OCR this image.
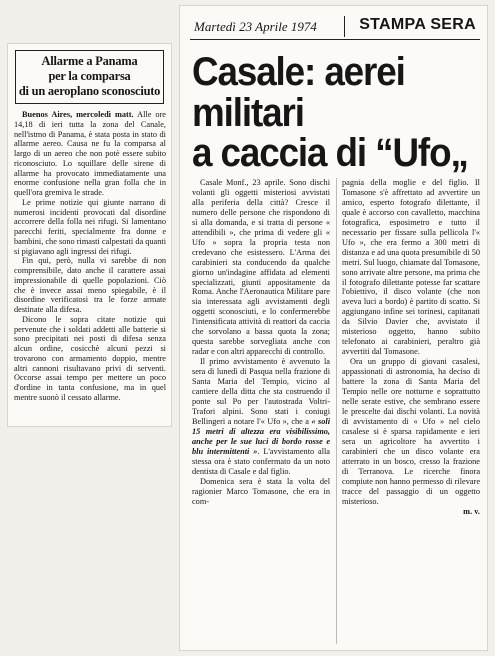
Allarme a Panama
per la comparsa
di un aeroplano sconosciuto

Buenos Aires, mercoledì matt. Alle ore 14,18 di ieri tutta la zona del Canale, nell'istmo di Panama, è stata posta in stato di allarme aereo. Causa ne fu la comparsa al largo di un aereo che non potè essere subito riconosciuto. Lo squillare delle sirene di allarme ha provocato immediatamente una enorme confusione nella gran folla che in quell'ora gremiva le strade.

Le prime notizie qui giunte narrano di numerosi incidenti provocati dal disordine accorrere della folla nei rifugi. Si lamentano parecchi feriti, specialmente fra donne e bambini, che sono rimasti calpestati da quanti si pigiavano agli ingressi dei rifugi.

Fin qui, però, nulla vi sarebbe di non comprensibile, dato anche il carattere assai impressionabile di quelle popolazioni. Ciò che è invece assai meno spiegabile, è il disordine verificatosi tra le forze armate destinate alla difesa.

Dicono le sopra citate notizie qui pervenute che i soldati addetti alle batterie si sono precipitati nei posti di difesa senza alcun ordine, cosicchè alcuni pezzi si trovarono con armamento doppio, mentre altri cannoni risultavano privi di serventi. Occorse assai tempo per mettere un poco d'ordine in tanta confusione, ma in quel mentre suonò il cessato allarme.

Martedì 23 Aprile 1974	STAMPA SERA
Casale: aerei
militari
a caccia di “Ufo„

Casale Monf., 23 aprile. Sono dischi volanti gli oggetti misteriosi avvistati alla periferia della città? Cresce il numero delle persone che rispondono di sì alla domanda, e si tratta di persone « attendibili », che prima di vedere gli « Ufo » sopra la propria testa non credevano che esistessero. L'Arma dei carabinieri sta conducendo da qualche giorno un'indagine affidata ad elementi specializzati, giunti appositamente da Roma. Anche l'Aeronautica Militare pare sia interessata agli avvistamenti degli oggetti sconosciuti, e lo confermerebbe l'intensificata attività di reattori da caccia che sorvolano a bassa quota la zona; questa sarebbe sorvegliata anche con radar e con altri apparecchi di controllo.

Il primo avvistamento è avvenuto la sera di lunedì di Pasqua nella frazione di Santa Maria del Tempio, vicino al cantiere della ditta che sta costruendo il ponte sul Po per l'autostrada Voltri-Trafori alpini. Sono stati i coniugi Bellingeri a notare l'« Ufo », che a « soli 15 metri di altezza era visibilissimo, anche per le sue luci di bordo rosse e blu intermittenti ». L'avvistamento alla stessa ora è stato confermato da un noto dentista di Casale e dal figlio.

Domenica sera è stata la volta del ragionier Marco Tomasone, che era in com-

pagnia della moglie e del figlio. Il Tomasone s'è affrettato ad avvertire un amico, esperto fotografo dilettante, il quale è accorso con cavalletto, macchina fotografica, esposimetro e tutto il necessario per fissare sulla pellicola l'« Ufo », che era fermo a 300 metri di distanza e ad una quota presumibile di 50 metri. Sul luogo, chiamate dal Tomasone, sono arrivate altre persone, ma prima che il fotografo dilettante potesse far scattare l'obiettivo, il disco volante (che non aveva luci a bordo) è partito di scatto. Si aggiungano infine sei torinesi, capitanati da Silvio Davier che, avvistato il misterioso oggetto, hanno subito telefonato ai carabinieri, peraltro già avvertiti dal Tomasone.

Ora un gruppo di giovani casalesi, appassionati di astronomia, ha deciso di battere la zona di Santa Maria del Tempio nelle ore notturne e soprattutto nelle serate estive, che sembrano essere le prescelte dai dischi volanti. La novità di avvistamento di « Ufo » nel cielo casalese si è sparsa rapidamente e ieri sera un agricoltore ha avvertito i carabinieri che un disco volante era atterrato in un bosco, cresso la frazione di Terranova. Le ricerche finora compiute non hanno permesso di rilevare tracce del passaggio di un oggetto misterioso.

m. v.
